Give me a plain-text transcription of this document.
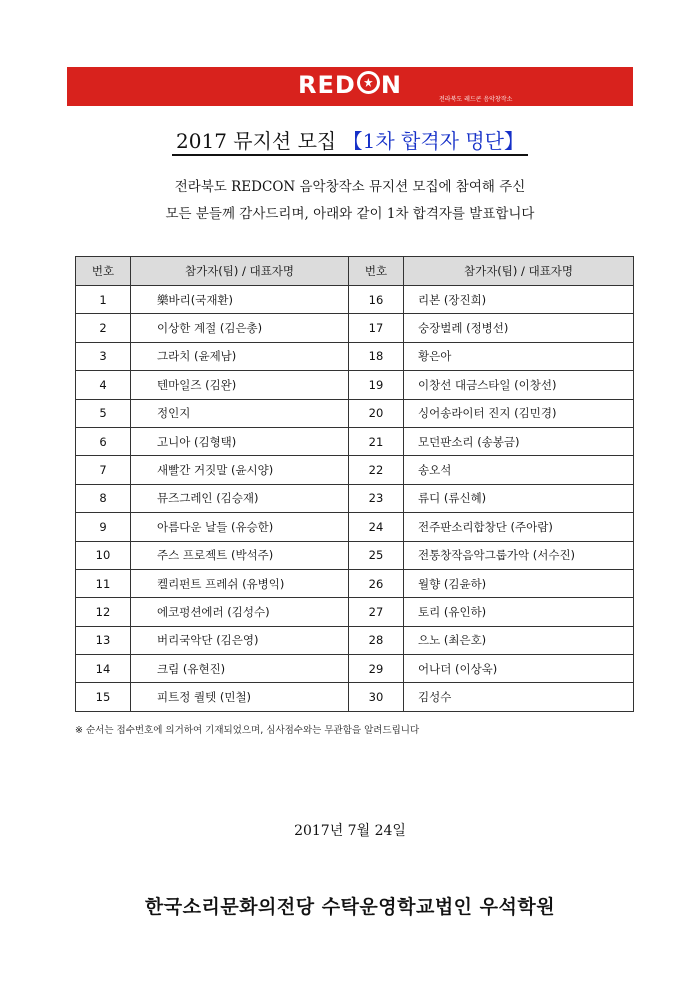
RED N
전라북도 레드콘 음악창작소
2017 뮤지션 모집 【1차 합격자 명단】
전라북도 REDCON 음악창작소 뮤지션 모집에 참여해 주신
모든 분들께 감사드리며, 아래와 같이 1차 합격자를 발표합니다
번호	참가자(팀) / 대표자명	번호	참가자(팀) / 대표자명
1	樂바리(국재환)	16	리본 (장진희)
2	이상한 계절 (김은총)	17	숭장벌레 (정병선)
3	그라치 (윤제남)	18	황은아
4	텐마일즈 (김완)	19	이창선 대금스타일 (이창선)
5	정인지	20	싱어송라이터 진지 (김민경)
6	고니아 (김형택)	21	모던판소리 (송봉금)
7	새빨간 거짓말 (윤시양)	22	송오석
8	뮤즈그레인 (김승재)	23	류디 (류신혜)
9	아름다운 날들 (유승한)	24	전주판소리합창단 (주아람)
10	주스 프로젝트 (박석주)	25	전통창작음악그룹가악 (서수진)
11	켈리펀트 프레쉬 (유병익)	26	월향 (김윤하)
12	에코펑션에러 (김성수)	27	토리 (유인하)
13	버리국악단 (김은영)	28	으노 (최은호)
14	크림 (유현진)	29	어나더 (이상욱)
15	피트정 퀄텟 (민철)	30	김성수
※ 순서는 접수번호에 의거하여 기재되었으며, 심사점수와는 무관함을 알려드립니다
2017년 7월 24일
한국소리문화의전당 수탁운영학교법인 우석학원
